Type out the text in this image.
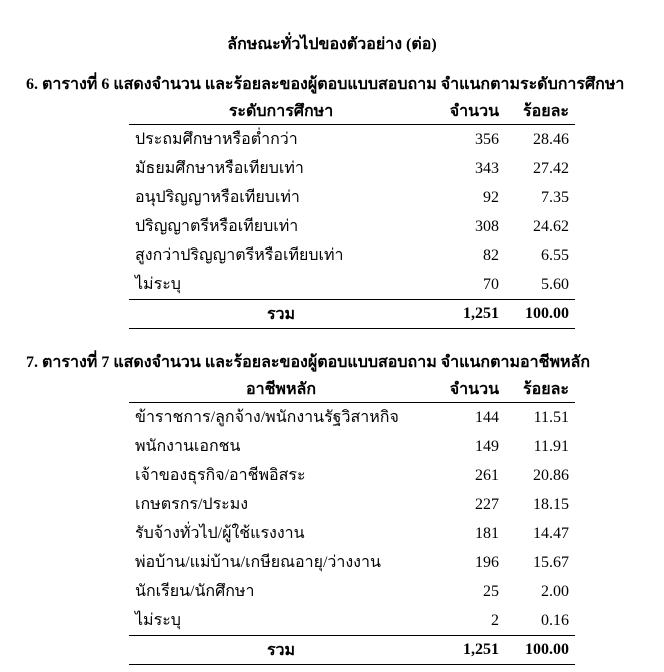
ลักษณะทั่วไปของตัวอย่าง (ต่อ)
6. ตารางที่ 6 แสดงจำนวน และร้อยละของผู้ตอบแบบสอบถาม จำแนกตามระดับการศึกษา
ระดับการศึกษา	จำนวน	ร้อยละ
ประถมศึกษาหรือต่ำกว่า	356	28.46
มัธยมศึกษาหรือเทียบเท่า	343	27.42
อนุปริญญาหรือเทียบเท่า	92	7.35
ปริญญาตรีหรือเทียบเท่า	308	24.62
สูงกว่าปริญญาตรีหรือเทียบเท่า	82	6.55
ไม่ระบุ	70	5.60
รวม	1,251	100.00
7. ตารางที่ 7 แสดงจำนวน และร้อยละของผู้ตอบแบบสอบถาม จำแนกตามอาชีพหลัก
อาชีพหลัก	จำนวน	ร้อยละ
ข้าราชการ/ลูกจ้าง/พนักงานรัฐวิสาหกิจ	144	11.51
พนักงานเอกชน	149	11.91
เจ้าของธุรกิจ/อาชีพอิสระ	261	20.86
เกษตรกร/ประมง	227	18.15
รับจ้างทั่วไป/ผู้ใช้แรงงาน	181	14.47
พ่อบ้าน/แม่บ้าน/เกษียณอายุ/ว่างงาน	196	15.67
นักเรียน/นักศึกษา	25	2.00
ไม่ระบุ	2	0.16
รวม	1,251	100.00
